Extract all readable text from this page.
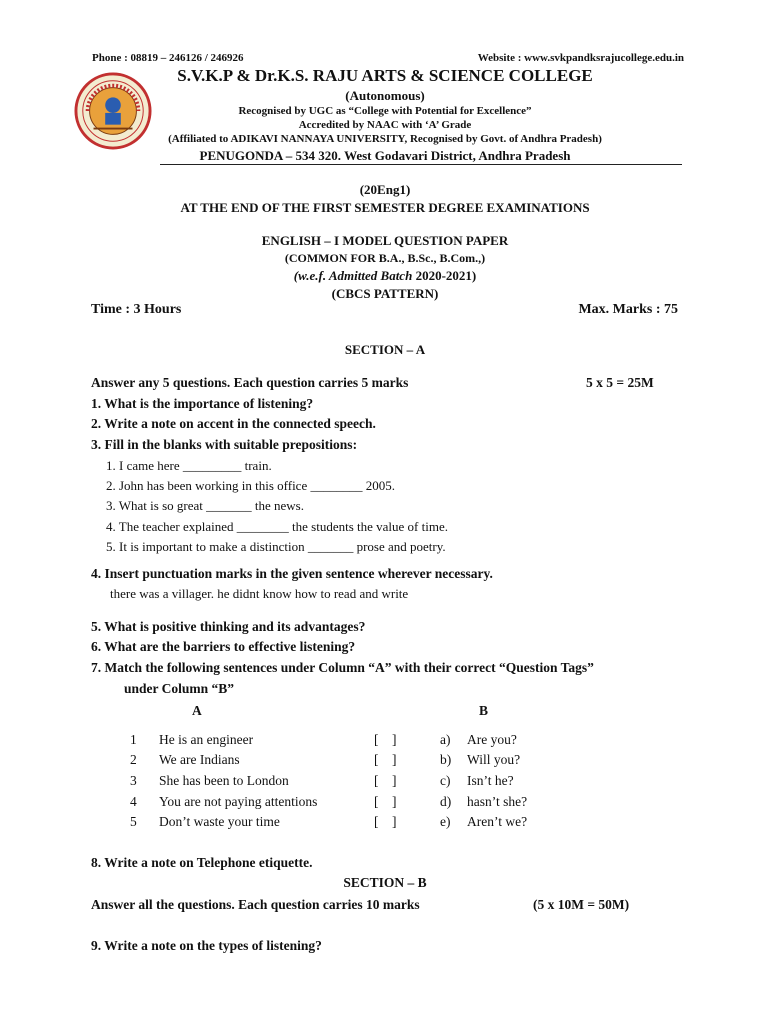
Phone : 08819 – 246126 / 246926	Website : www.svkpandksrajucollege.edu.in
S.V.K.P & Dr.K.S. RAJU ARTS & SCIENCE COLLEGE
(Autonomous)
Recognised by UGC as “College with Potential for Excellence”
Accredited by NAAC with ‘A’ Grade
(Affiliated to ADIKAVI NANNAYA UNIVERSITY, Recognised by Govt. of Andhra Pradesh)
PENUGONDA – 534 320. West Godavari District, Andhra Pradesh
(20Eng1)
AT THE END OF THE FIRST SEMESTER DEGREE EXAMINATIONS
ENGLISH – I MODEL QUESTION PAPER
(COMMON FOR B.A., B.Sc., B.Com.,)
(w.e.f. Admitted Batch 2020-2021)
(CBCS PATTERN)
Time : 3 Hours	Max. Marks : 75
SECTION – A
Answer any 5 questions. Each question carries 5 marks	5 x 5 = 25M
1. What is the importance of listening?
2. Write a note on accent in the connected speech.
3. Fill in the blanks with suitable prepositions:
1. I came here _________ train.
2. John has been working in this office ________ 2005.
3. What is so great _______ the news.
4. The teacher explained ________ the students the value of time.
5. It is important to make a distinction _______ prose and poetry.
4. Insert punctuation marks in the given sentence wherever necessary.
there was a villager. he didnt know how to read and write
5. What is positive thinking and its advantages?
6. What are the barriers to effective listening?
7. Match the following sentences under Column “A” with their correct “Question Tags”
under Column “B”
A	B
1 He is an engineer	[    ]	a) Are you?
2 We are Indians	[    ]	b) Will you?
3 She has been to London	[    ]	c) Isn’t he?
4 You are not paying attentions	[    ]	d) hasn’t she?
5 Don’t waste your time	[    ]	e) Aren’t we?
8. Write a note on Telephone etiquette.
SECTION – B
Answer all the questions. Each question carries 10 marks	(5 x 10M = 50M)
9. Write a note on the types of listening?
